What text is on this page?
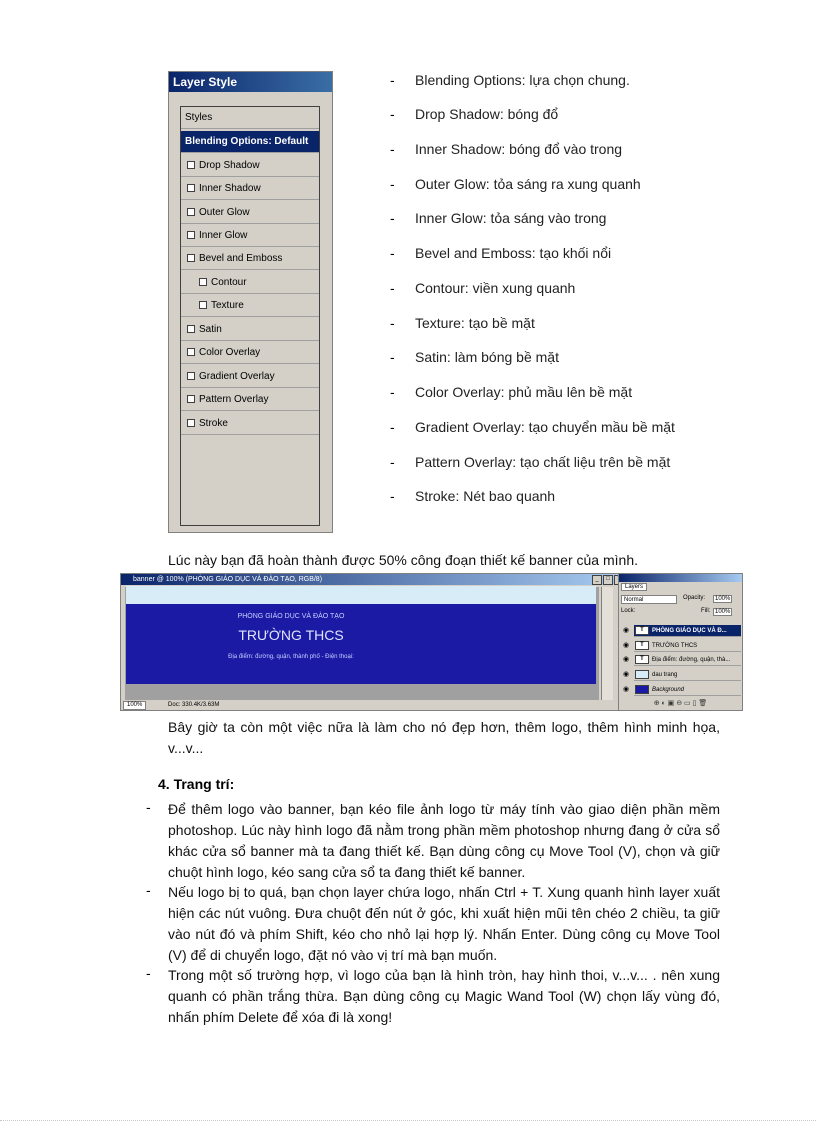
Layer Style
Styles
Blending Options: Default
Drop Shadow
Inner Shadow
Outer Glow
Inner Glow
Bevel and Emboss
Contour
Texture
Satin
Color Overlay
Gradient Overlay
Pattern Overlay
Stroke
- Blending Options: lựa chọn chung.
- Drop Shadow: bóng đổ
- Inner Shadow: bóng đổ vào trong
- Outer Glow: tỏa sáng ra xung quanh
- Inner Glow: tỏa sáng vào trong
- Bevel and Emboss: tạo khối nổi
- Contour: viền xung quanh
- Texture: tạo bề mặt
- Satin: làm bóng bề mặt
- Color Overlay: phủ mầu lên bề mặt
- Gradient Overlay: tạo chuyển mầu bề mặt
- Pattern Overlay: tạo chất liệu trên bề mặt
- Stroke: Nét bao quanh
Lúc này bạn đã hoàn thành được 50% công đoạn thiết kế banner của mình.
banner @ 100% (PHÒNG GIÁO DỤC VÀ ĐÀO TẠO, RGB/8)	_ □
PHÒNG GIÁO DỤC VÀ ĐÀO TẠO
TRƯỜNG THCS
Địa điểm: đường, quận, thành phố - Điện thoại:
100%	Doc: 330.4K/3.63M
Layers
Normal	Opacity:	100%
Lock:	Fill: 100%
◉	T PHÒNG GIÁO DỤC VÀ Đ...
◉	T TRƯỜNG THCS
◉	T Địa điểm: đường, quận, thà...
◉	dau trang
◉	Background
⊕ ◐ ▣ ⊖ ▭ ▯ 🗑
Bây giờ ta còn một việc nữa là làm cho nó đẹp hơn, thêm logo, thêm hình minh họa, v...v...
4. Trang trí:
- Để thêm logo vào banner, bạn kéo file ảnh logo từ máy tính vào giao diện phần mềm photoshop. Lúc này hình logo đã nằm trong phần mềm photoshop nhưng đang ở cửa sổ khác cửa sổ banner mà ta đang thiết kế. Bạn dùng công cụ Move Tool (V), chọn và giữ chuột hình logo, kéo sang cửa sổ ta đang thiết kế banner.
- Nếu logo bị to quá, bạn chọn layer chứa logo, nhấn Ctrl + T. Xung quanh hình layer xuất hiện các nút vuông. Đưa chuột đến nút ở góc, khi xuất hiện mũi tên chéo 2 chiều, ta giữ vào nút đó và phím Shift, kéo cho nhỏ lại hợp lý. Nhấn Enter. Dùng công cụ Move Tool (V) để di chuyển logo, đặt nó vào vị trí mà bạn muốn.
- Trong một số trường hợp, vì logo của bạn là hình tròn, hay hình thoi, v...v... . nên xung quanh có phần trắng thừa. Bạn dùng công cụ Magic Wand Tool (W) chọn lấy vùng đó, nhấn phím Delete để xóa đi là xong!
